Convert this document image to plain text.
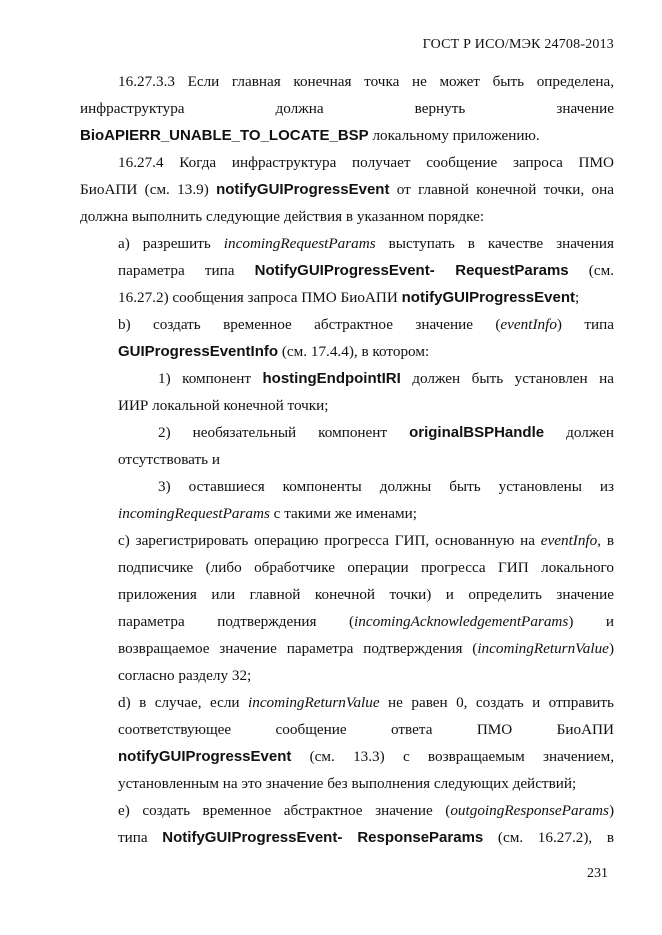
ГОСТ Р ИСО/МЭК 24708-2013
16.27.3.3 Если главная конечная точка не может быть определена,
инфраструктура должна вернуть значение
BioAPIERR_UNABLE_TO_LOCATE_BSP локальному приложению.
16.27.4 Когда инфраструктура получает сообщение запроса ПМО
БиоАПИ (см. 13.9) notifyGUIProgressEvent от главной конечной точки, она
должна выполнить следующие действия в указанном порядке:
а) разрешить incomingRequestParams выступать в качестве значения
параметра типа NotifyGUIProgressEvent- RequestParams (см.
16.27.2) сообщения запроса ПМО БиоАПИ notifyGUIProgressEvent;
b) создать временное абстрактное значение (eventInfo) типа
GUIProgressEventInfo (см. 17.4.4), в котором:
1) компонент hostingEndpointIRI должен быть установлен на
ИИР локальной конечной точки;
2) необязательный компонент originalBSPHandle должен
отсутствовать и
3) оставшиеся компоненты должны быть установлены из
incomingRequestParams с такими же именами;
c) зарегистрировать операцию прогресса ГИП, основанную на eventInfo, в
подписчике (либо обработчике операции прогресса ГИП локального
приложения или главной конечной точки) и определить значение
параметра подтверждения (incomingAcknowledgementParams) и
возвращаемое значение параметра подтверждения (incomingReturnValue)
согласно разделу 32;
d) в случае, если incomingReturnValue не равен 0, создать и отправить
соответствующее сообщение ответа ПМО БиоАПИ
notifyGUIProgressEvent (см. 13.3) с возвращаемым значением,
установленным на это значение без выполнения следующих действий;
e) создать временное абстрактное значение (outgoingResponseParams)
типа NotifyGUIProgressEvent- ResponseParams (см. 16.27.2), в
231
